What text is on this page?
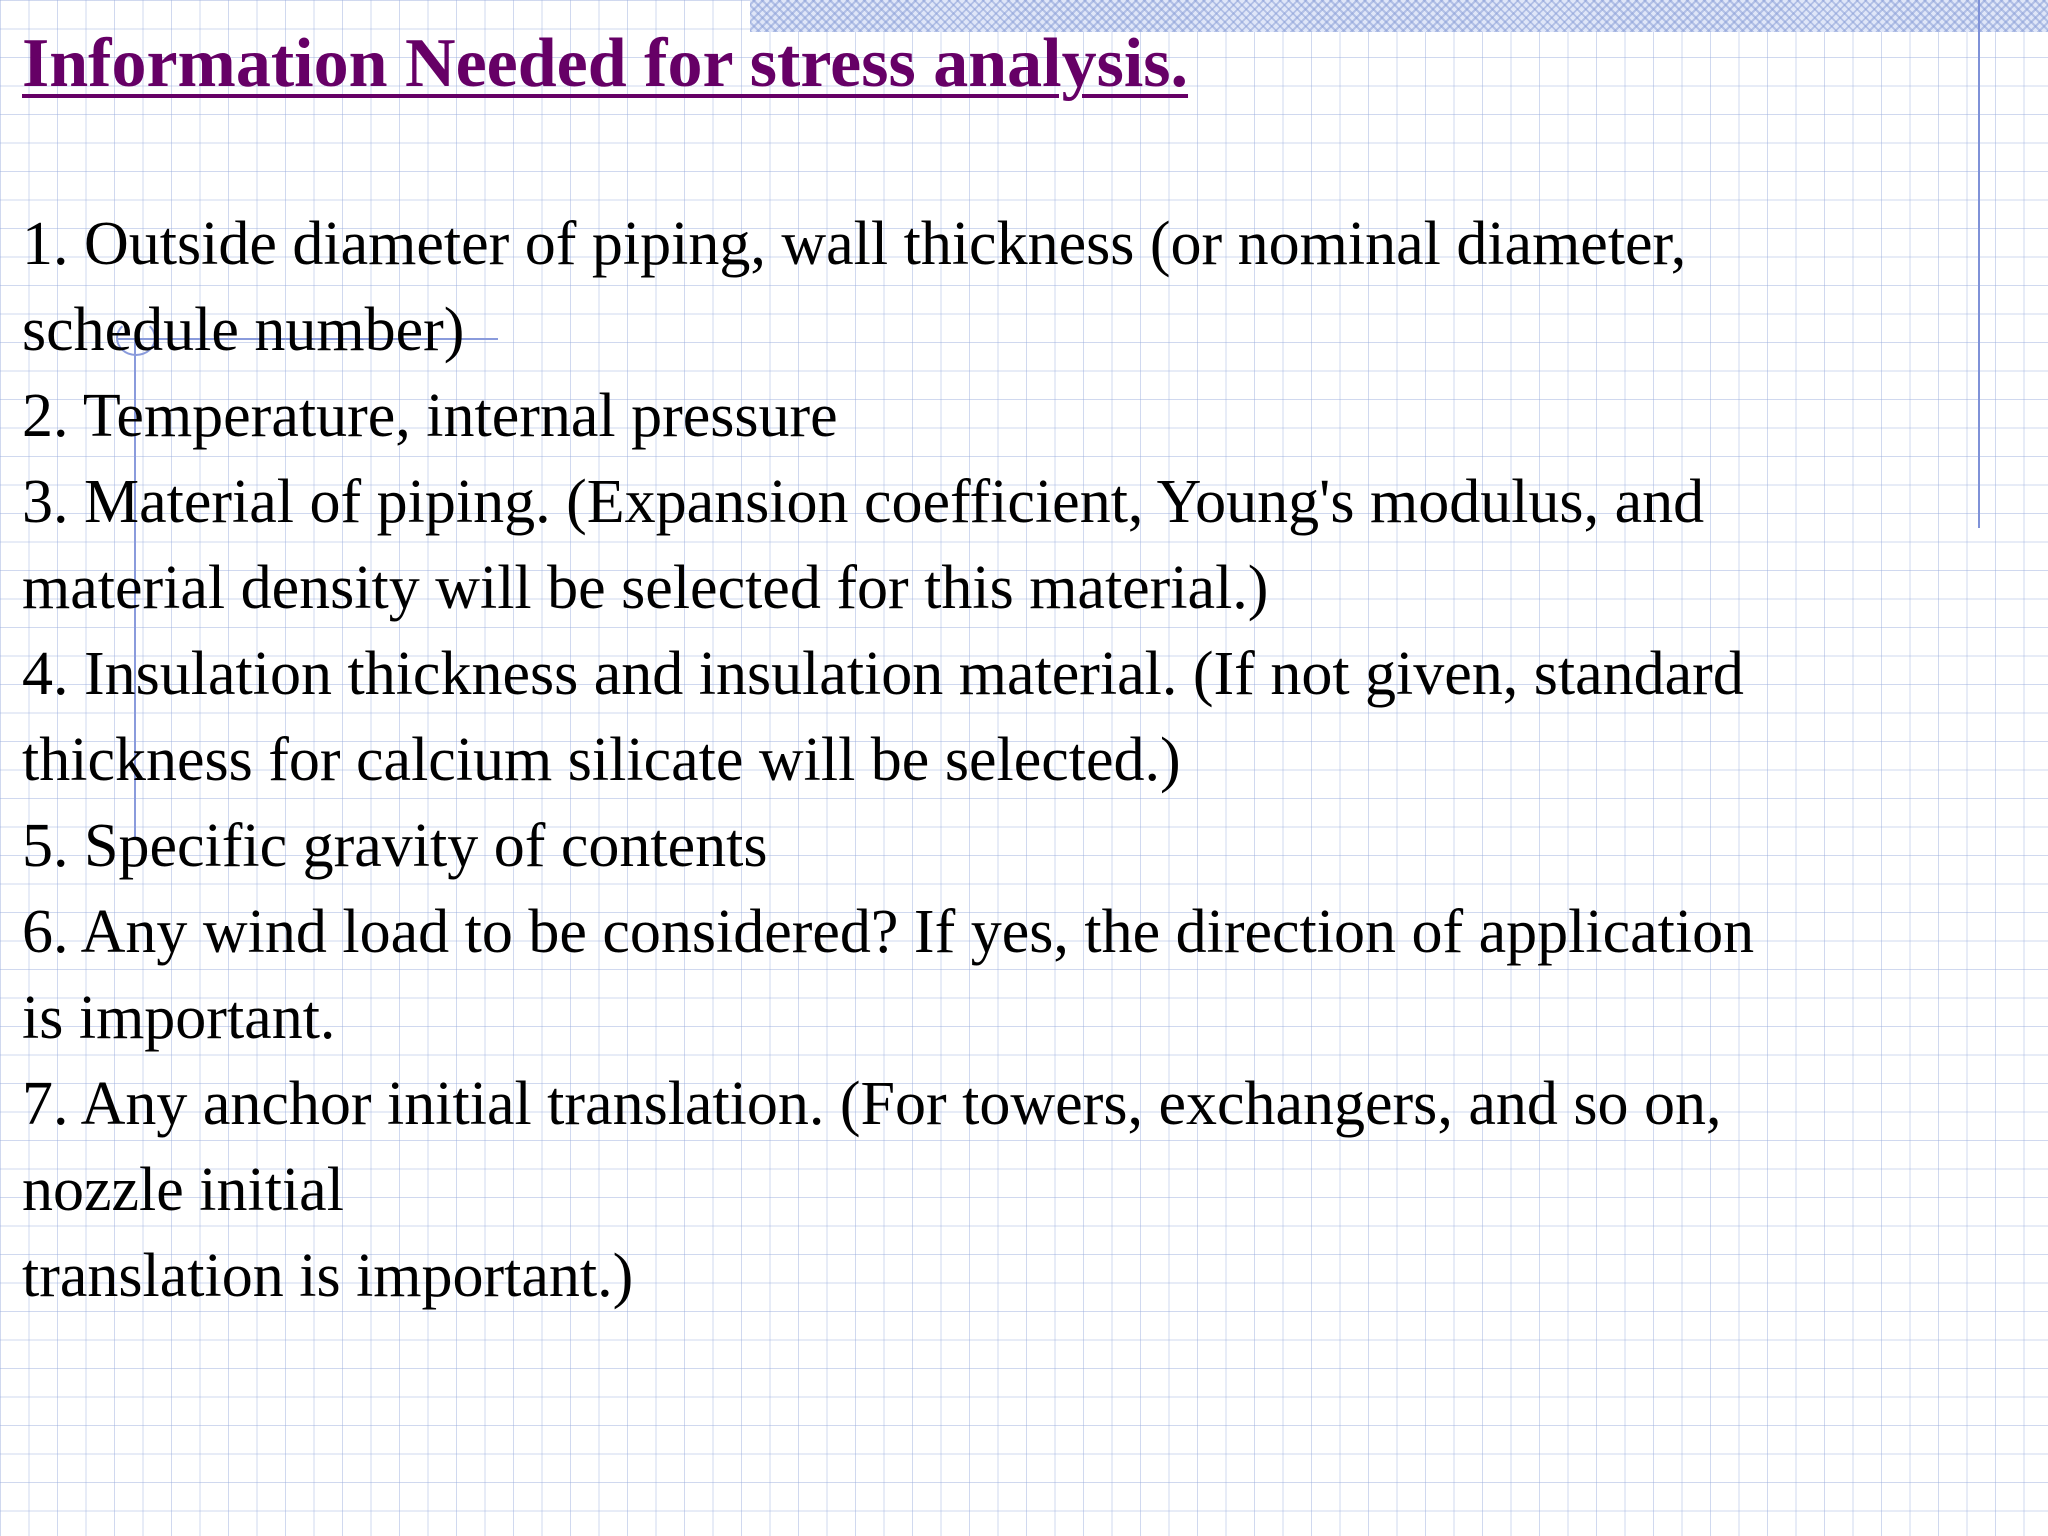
Information Needed for stress analysis.
1. Outside diameter of piping, wall thickness (or nominal diameter,
schedule number)
2. Temperature, internal pressure
3. Material of piping. (Expansion coefficient, Young's modulus, and
material density will be selected for this material.)
4. Insulation thickness and insulation material. (If not given, standard
thickness for calcium silicate will be selected.)
5. Specific gravity of contents
6. Any wind load to be considered? If yes, the direction of application
is important.
7. Any anchor initial translation. (For towers, exchangers, and so on,
nozzle initial
translation is important.)
